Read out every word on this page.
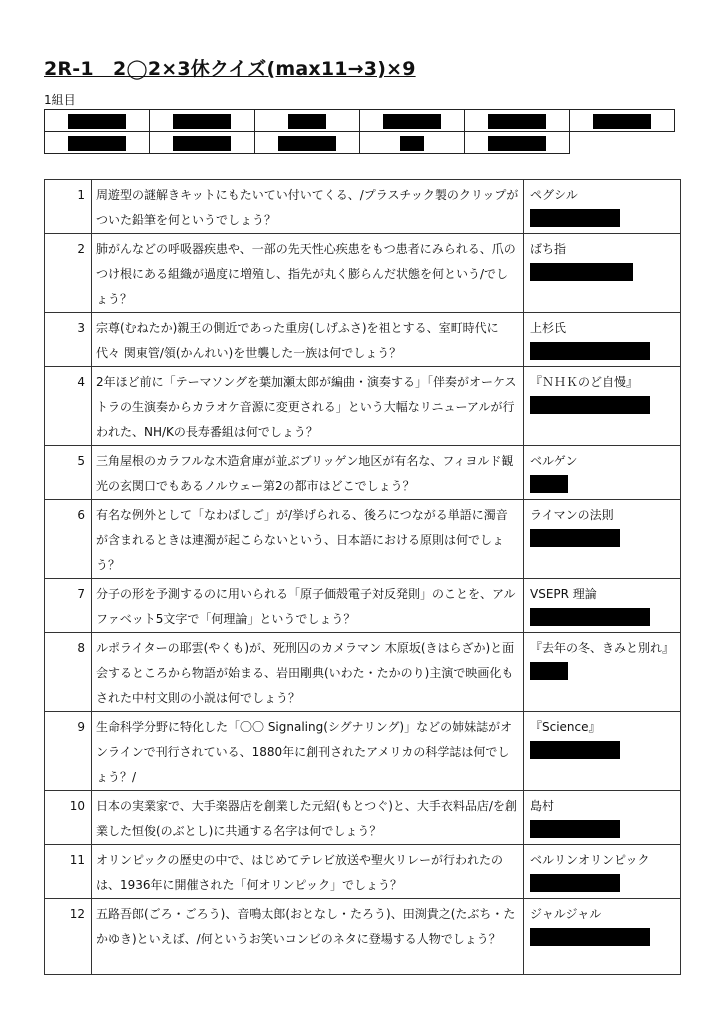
2R-1　2◯2×3休クイズ(max11→3)×9
1組目

1	周遊型の謎解きキットにもたいてい付いてくる、/プラスチック製のクリップがついた鉛筆を何というでしょう？	ペグシル

2	肺がんなどの呼吸器疾患や、一部の先天性心疾患をもつ患者にみられる、爪のつけ根にある組織が過度に増殖し、指先が丸く膨らんだ状態を何という/でしょう？	ばち指

3	宗尊(むねたか)親王の側近であった重房(しげふさ)を祖とする、室町時代に代々 関東管/領(かんれい)を世襲した一族は何でしょう？	上杉氏

4	2年ほど前に「テーマソングを葉加瀬太郎が編曲・演奏する」「伴奏がオーケストラの生演奏からカラオケ音源に変更される」という大幅なリニューアルが行われた、NH/Kの長寿番組は何でしょう？	『ＮＨＫのど自慢』

5	三角屋根のカラフルな木造倉庫が並ぶブリッゲン地区が有名な、フィヨルド観光の玄関口でもあるノルウェー第2の都市はどこでしょう？	ベルゲン

6	有名な例外として「なわばしご」が/挙げられる、後ろにつながる単語に濁音が含まれるときは連濁が起こらないという、日本語における原則は何でしょう？	ライマンの法則

7	分子の形を予測するのに用いられる「原子価殻電子対反発則」のことを、アルファベット5文字で「何理論」というでしょう？	VSEPR 理論

8	ルポライターの耶雲(やくも)が、死刑囚のカメラマン 木原坂(きはらざか)と面会するところから物語が始まる、岩田剛典(いわた・たかのり)主演で映画化もされた中村文則の小説は何でしょう？	『去年の冬、きみと別れ』

9	生命科学分野に特化した「〇〇 Signaling(シグナリング)」などの姉妹誌がオンラインで刊行されている、1880年に創刊されたアメリカの科学誌は何でしょう？/	『Science』

10	日本の実業家で、大手楽器店を創業した元紹(もとつぐ)と、大手衣料品店/を創業した恒俊(のぶとし)に共通する名字は何でしょう？	島村

11	オリンピックの歴史の中で、はじめてテレビ放送や聖火リレーが行われたのは、1936年に開催された「何オリンピック」でしょう？	ベルリンオリンピック

12	五路吾郎(ごろ・ごろう)、音鳴太郎(おとなし・たろう)、田渕貴之(たぶち・たかゆき)といえば、/何というお笑いコンビのネタに登場する人物でしょう？	ジャルジャル
